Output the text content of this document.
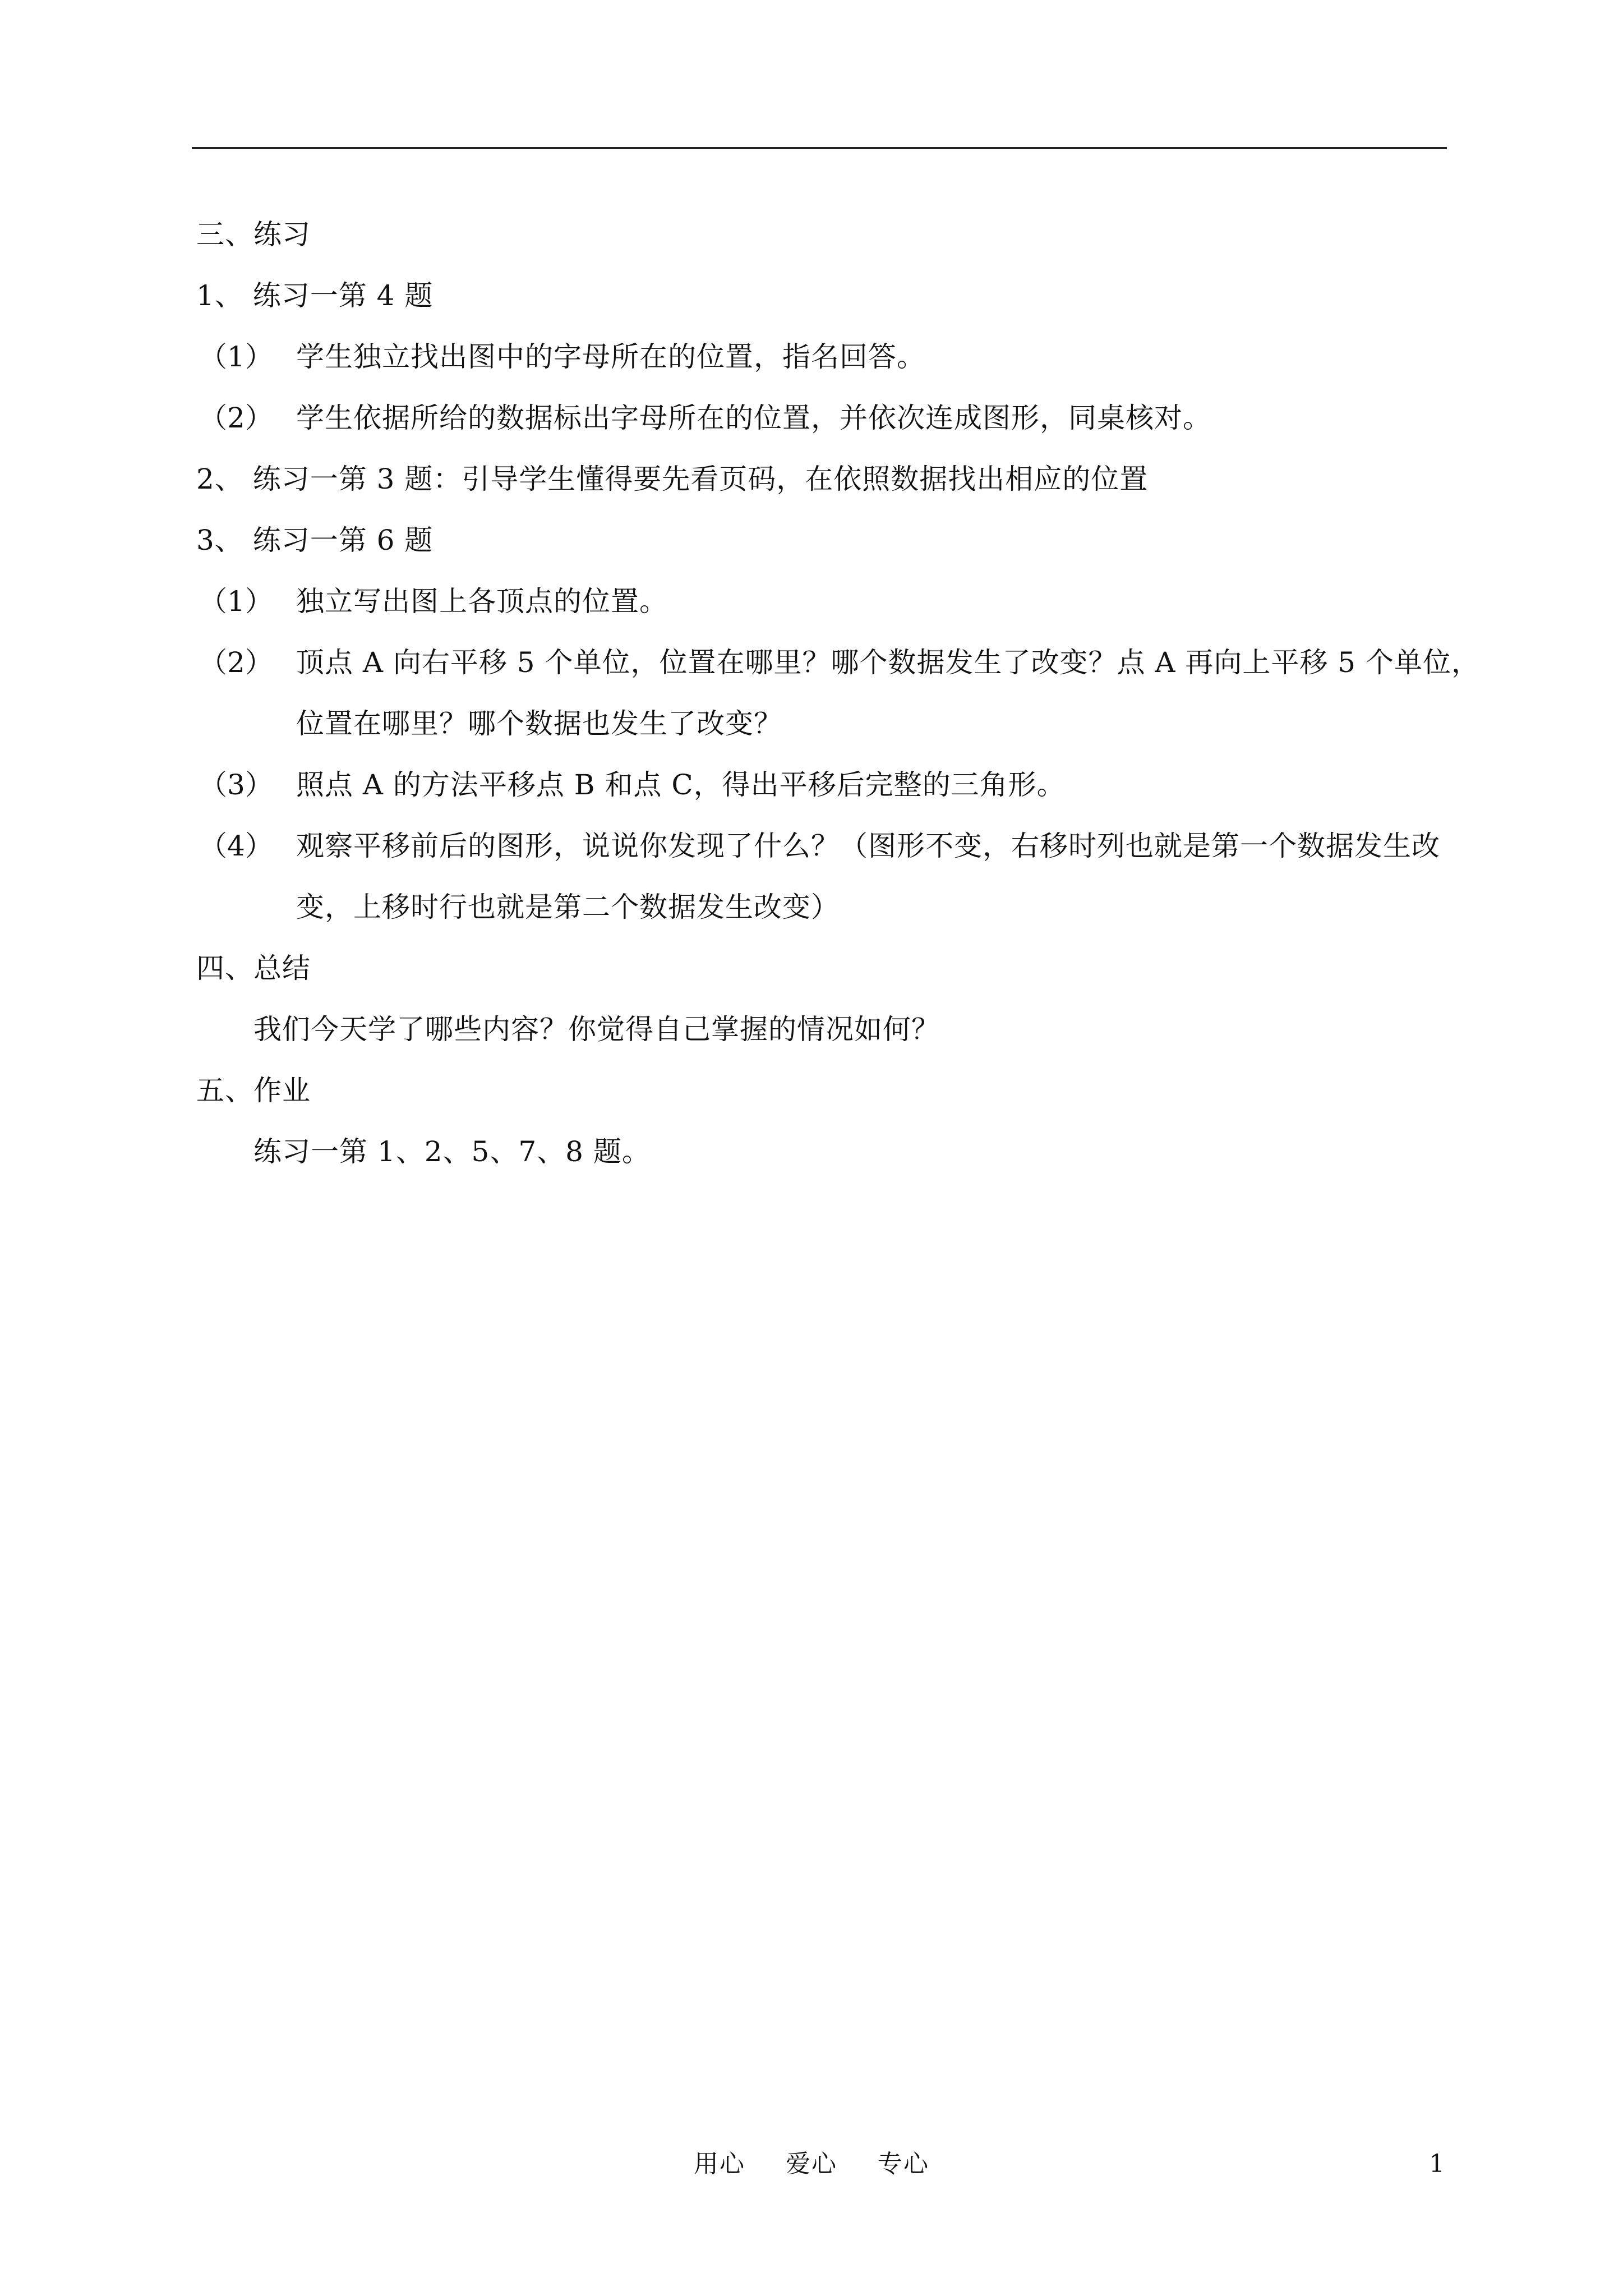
三、练习
1、 练习一第 4 题
（1） 学生独立找出图中的字母所在的位置，指名回答。
（2） 学生依据所给的数据标出字母所在的位置，并依次连成图形，同桌核对。
2、 练习一第 3 题：引导学生懂得要先看页码，在依照数据找出相应的位置
3、 练习一第 6 题
（1） 独立写出图上各顶点的位置。
（2） 顶点 A 向右平移 5 个单位，位置在哪里？哪个数据发生了改变？点 A 再向上平移 5 个单位，
位置在哪里？哪个数据也发生了改变？
（3） 照点 A 的方法平移点 B 和点 C，得出平移后完整的三角形。
（4） 观察平移前后的图形，说说你发现了什么？（图形不变，右移时列也就是第一个数据发生改
变，上移时行也就是第二个数据发生改变）
四、总结
我们今天学了哪些内容？你觉得自己掌握的情况如何？
五、作业
练习一第 1、2、5、7、8 题。
用心 爱心 专心	1
